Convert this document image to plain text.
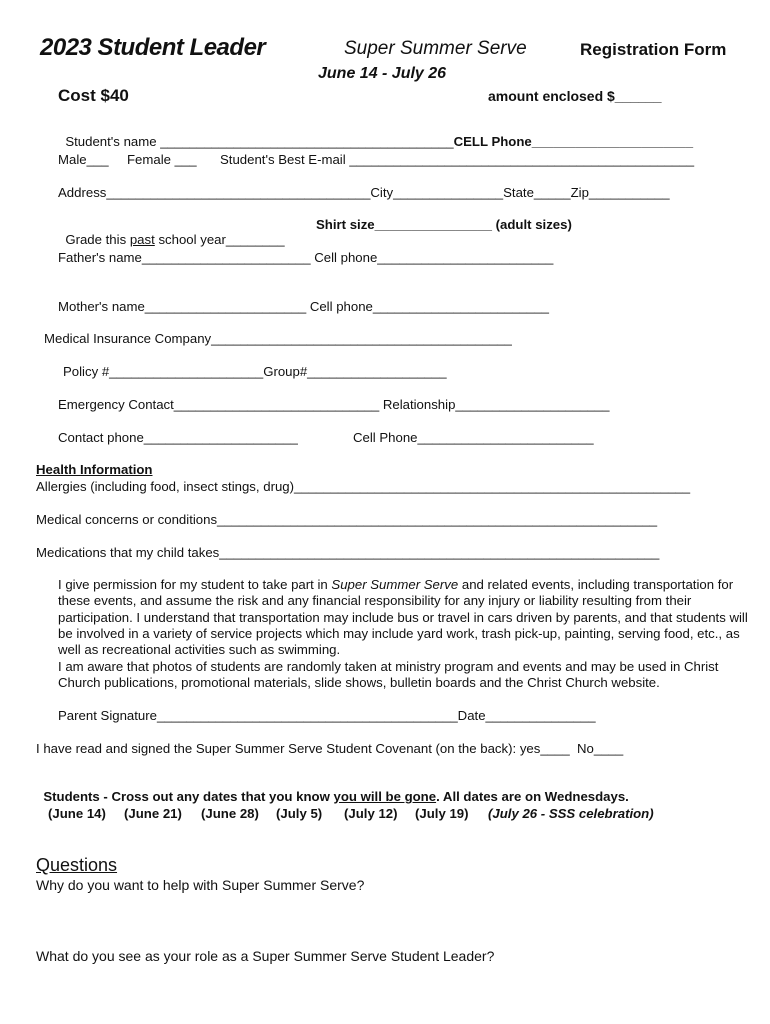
2023 Student Leader	Super Summer Serve	Registration Form
June 14 - July 26
Cost $40	amount enclosed $______

Student's name ________________________________________CELL Phone______________________

Male___ Female ___ Student's Best E-mail _______________________________________________
Address____________________________________City_______________State_____Zip___________

Grade this past school year________

Shirt size________________ (adult sizes)
Father's name_______________________ Cell phone________________________
Mother's name______________________ Cell phone________________________
Medical Insurance Company_________________________________________
Policy #_____________________Group#___________________
Emergency Contact____________________________ Relationship_____________________
Contact phone_____________________	Cell Phone________________________
Health Information
Allergies (including food, insect stings, drug)______________________________________________________
Medical concerns or conditions____________________________________________________________
Medications that my child takes____________________________________________________________
I give permission for my student to take part in Super Summer Serve and related events, including transportation for these events, and assume the risk and any financial responsibility for any injury or liability resulting from their participation. I understand that transportation may include bus or travel in cars driven by parents, and that students will be involved in a variety of service projects which may include yard work, trash pick-up, painting, serving food, etc., as well as recreational activities such as swimming.
I am aware that photos of students are randomly taken at ministry program and events and may be used in Christ Church publications, promotional materials, slide shows, bulletin boards and the Christ Church website.
Parent Signature_________________________________________Date_______________
I have read and signed the Super Summer Serve Student Covenant (on the back): yes____  No____

Students - Cross out any dates that you know you will be gone. All dates are on Wednesdays.

(June 14) (June 21) (June 28) (July 5) (July 12) (July 19) (July 26 - SSS celebration)
Questions
Why do you want to help with Super Summer Serve?
What do you see as your role as a Super Summer Serve Student Leader?
